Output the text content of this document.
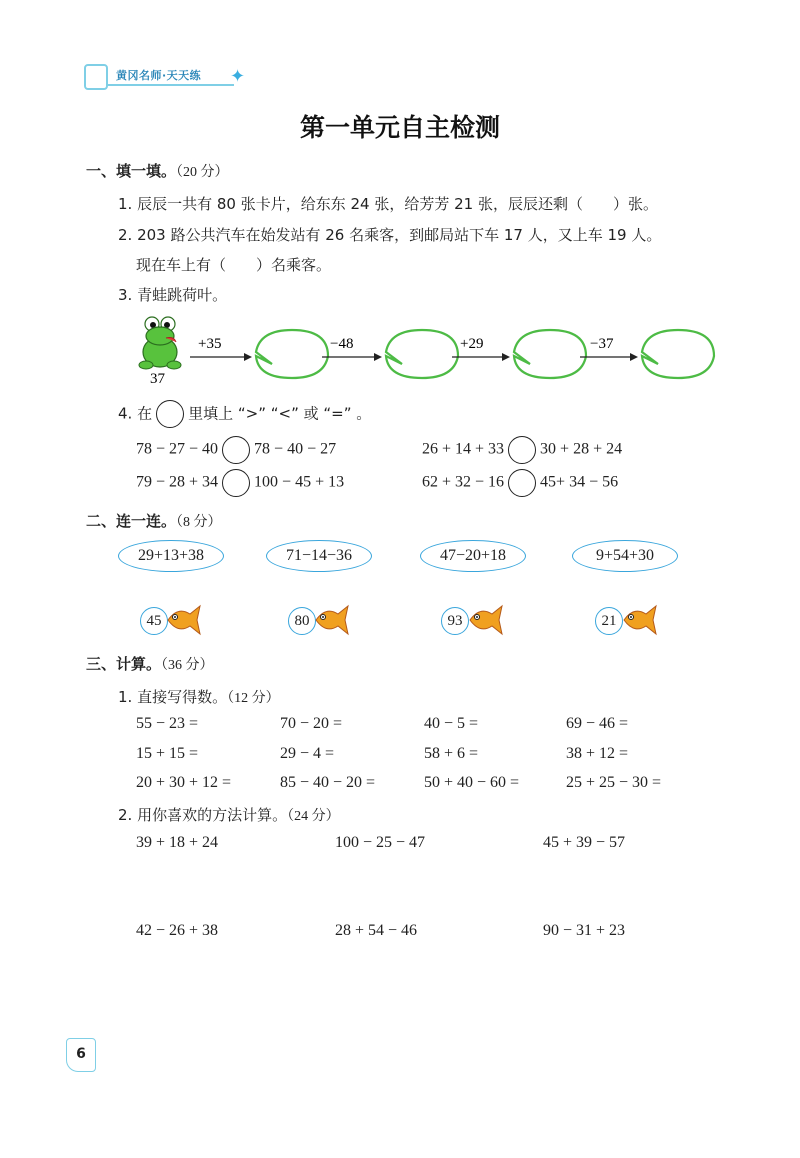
黄冈名师·天天练 ✦
第一单元自主检测
一、填一填。（20 分）
1. 辰辰一共有 80 张卡片，给东东 24 张，给芳芳 21 张，辰辰还剩（　　）张。
2. 203 路公共汽车在始发站有 26 名乘客，到邮局站下车 17 人，又上车 19 人。
现在车上有（　　）名乘客。
3. 青蛙跳荷叶。
37
+35	−48	+29	−37
4. 在 里填上 “>” “<” 或 “=” 。
78 − 27 − 40 78 − 40 − 27	26 + 14 + 33 30 + 28 + 24
79 − 28 + 34 100 − 45 + 13	62 + 32 − 16 45+ 34 − 56
二、连一连。（8 分）
29+13+38	71−14−36	47−20+18	9+54+30
45	80	93	21
三、计算。（36 分）
1. 直接写得数。（12 分）
55 − 23 =	70 − 20 =	40 − 5 =	69 − 46 =
15 + 15 =	29 − 4 =	58 + 6 =	38 + 12 =
20 + 30 + 12 =	85 − 40 − 20 =	50 + 40 − 60 =	25 + 25 − 30 =
2. 用你喜欢的方法计算。（24 分）
39 + 18 + 24	100 − 25 − 47	45 + 39 − 57
42 − 26 + 38	28 + 54 − 46	90 − 31 + 23
6
